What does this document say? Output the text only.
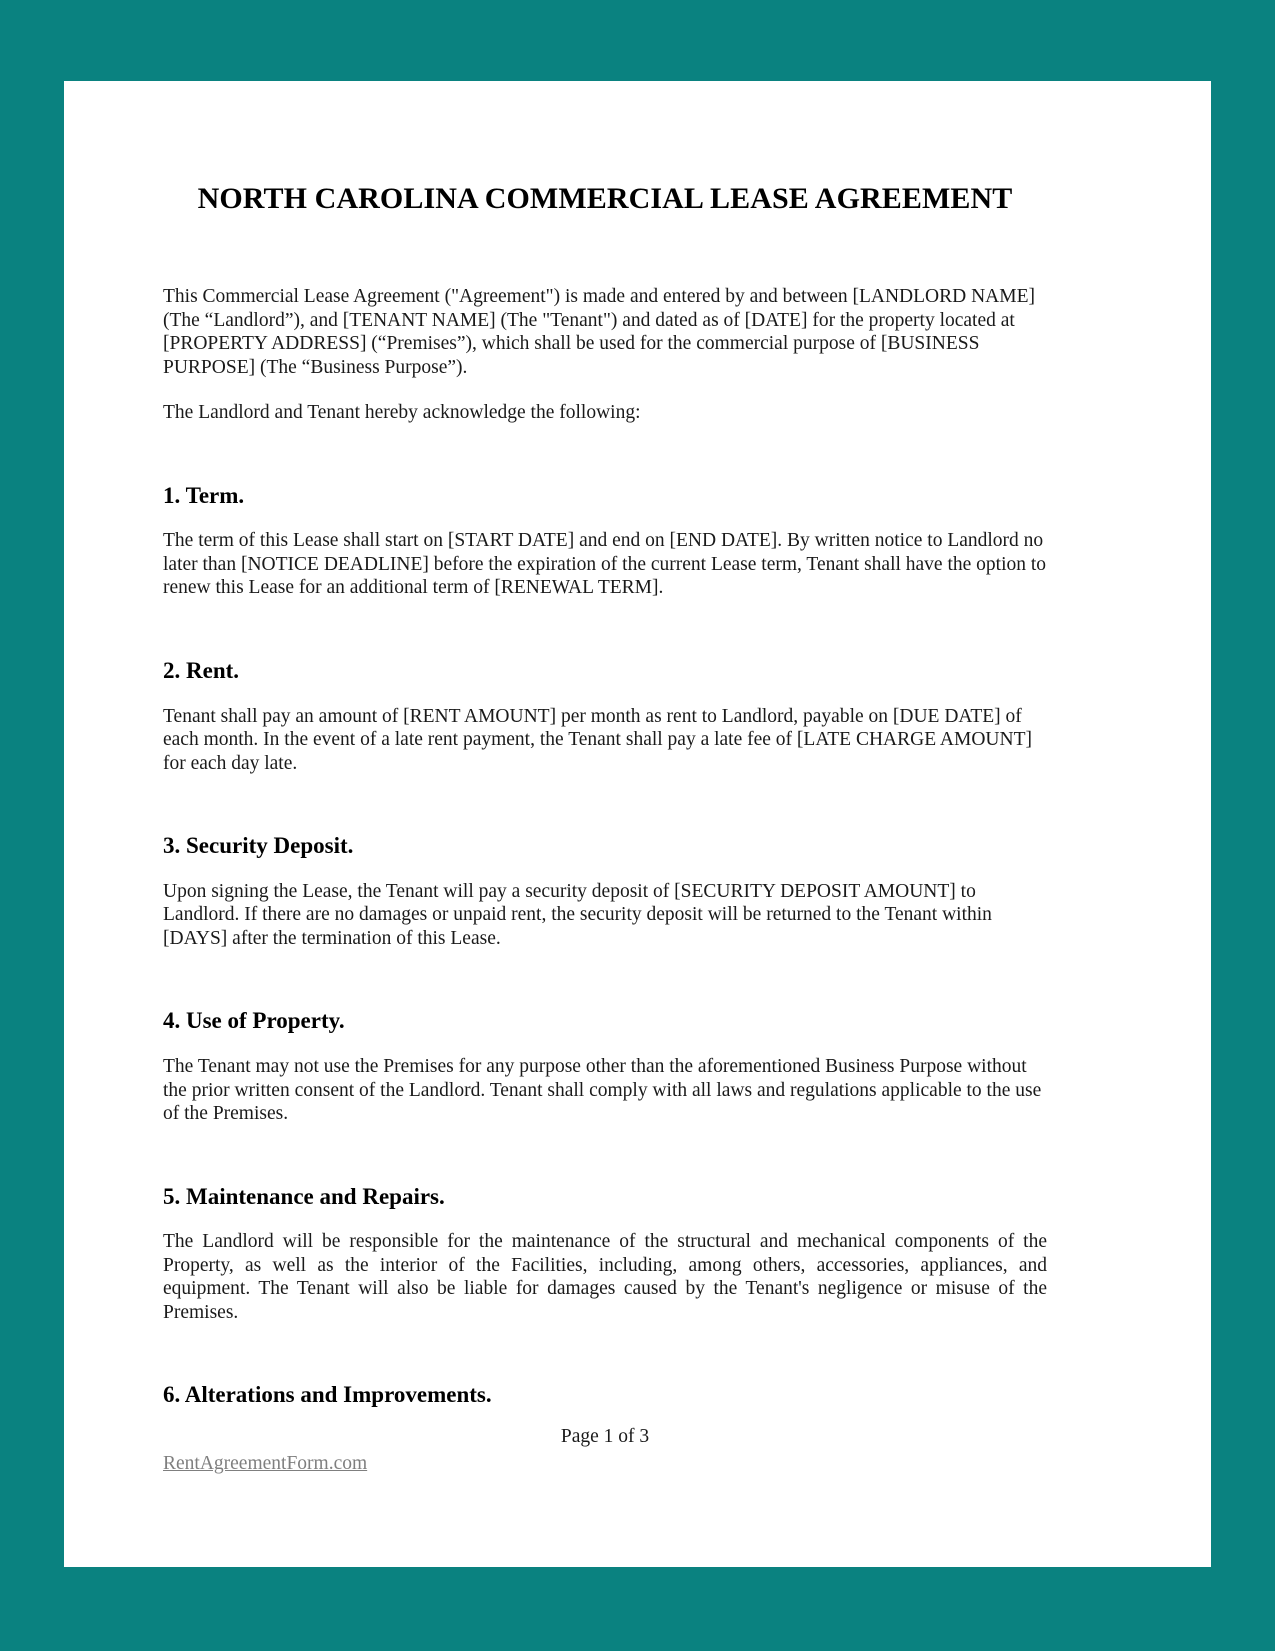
NORTH CAROLINA COMMERCIAL LEASE AGREEMENT

This Commercial Lease Agreement ("Agreement") is made and entered by and between [LANDLORD NAME] (The “Landlord”), and [TENANT NAME] (The "Tenant") and dated as of [DATE] for the property located at [PROPERTY ADDRESS] (“Premises”), which shall be used for the commercial purpose of [BUSINESS PURPOSE] (The “Business Purpose”).

The Landlord and Tenant hereby acknowledge the following:

1. Term.

The term of this Lease shall start on [START DATE] and end on [END DATE]. By written notice to Landlord no later than [NOTICE DEADLINE] before the expiration of the current Lease term, Tenant shall have the option to renew this Lease for an additional term of [RENEWAL TERM].

2. Rent.

Tenant shall pay an amount of [RENT AMOUNT] per month as rent to Landlord, payable on [DUE DATE] of each month. In the event of a late rent payment, the Tenant shall pay a late fee of [LATE CHARGE AMOUNT] for each day late.

3. Security Deposit.

Upon signing the Lease, the Tenant will pay a security deposit of [SECURITY DEPOSIT AMOUNT] to Landlord. If there are no damages or unpaid rent, the security deposit will be returned to the Tenant within [DAYS] after the termination of this Lease.

4. Use of Property.

The Tenant may not use the Premises for any purpose other than the aforementioned Business Purpose without the prior written consent of the Landlord. Tenant shall comply with all laws and regulations applicable to the use of the Premises.

5. Maintenance and Repairs.

The Landlord will be responsible for the maintenance of the structural and mechanical components of the Property, as well as the interior of the Facilities, including, among others, accessories, appliances, and equipment. The Tenant will also be liable for damages caused by the Tenant's negligence or misuse of the Premises.

6. Alterations and Improvements.
Page 1 of 3
RentAgreementForm.com
